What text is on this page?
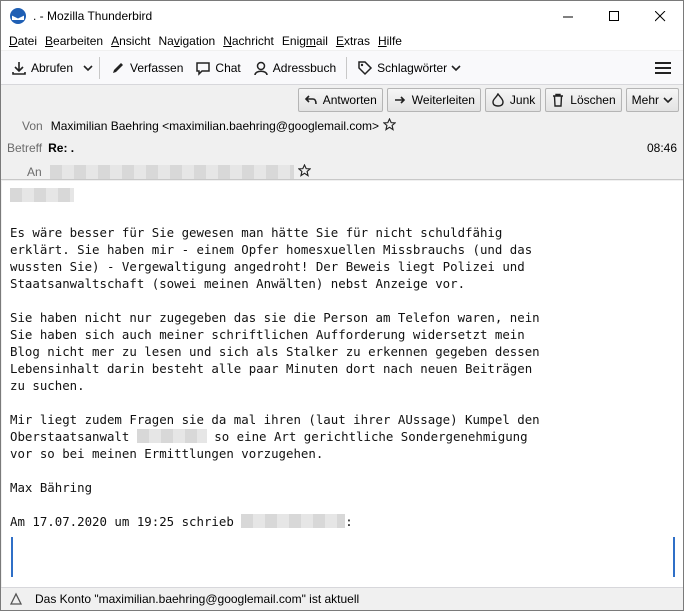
. - Mozilla Thunderbird
Datei Bearbeiten Ansicht Navigation Nachricht Enigmail Extras Hilfe
Abrufen	Verfassen	Chat	Adressbuch	Schlagwörter
Antworten	Weiterleiten	Junk	Löschen Mehr
Von Maximilian Baehring <maximilian.baehring@googlemail.com>
Betreff Re: .	08:46
An
Es wäre besser für Sie gewesen man hätte Sie für nicht schuldfähig
erklärt. Sie haben mir - einem Opfer homesxuellen Missbrauchs (und das
wussten Sie) - Vergewaltigung angedroht! Der Beweis liegt Polizei und
Staatsanwaltschaft (sowei meinen Anwälten) nebst Anzeige vor.
Sie haben nicht nur zugegeben das sie die Person am Telefon waren, nein
Sie haben sich auch meiner schriftlichen Aufforderung widersetzt mein
Blog nicht mer zu lesen und sich als Stalker zu erkennen gegeben dessen
Lebensinhalt darin besteht alle paar Minuten dort nach neuen Beiträgen
zu suchen.
Mir liegt zudem Fragen sie da mal ihren (laut ihrer AUssage) Kumpel den
Oberstaatsanwalt	so eine Art gerichtliche Sondergenehmigung
vor so bei meinen Ermittlungen vorzugehen.
Max Bähring
Am 17.07.2020 um 19:25 schrieb	:
Das Konto "maximilian.baehring@googlemail.com" ist aktuell
